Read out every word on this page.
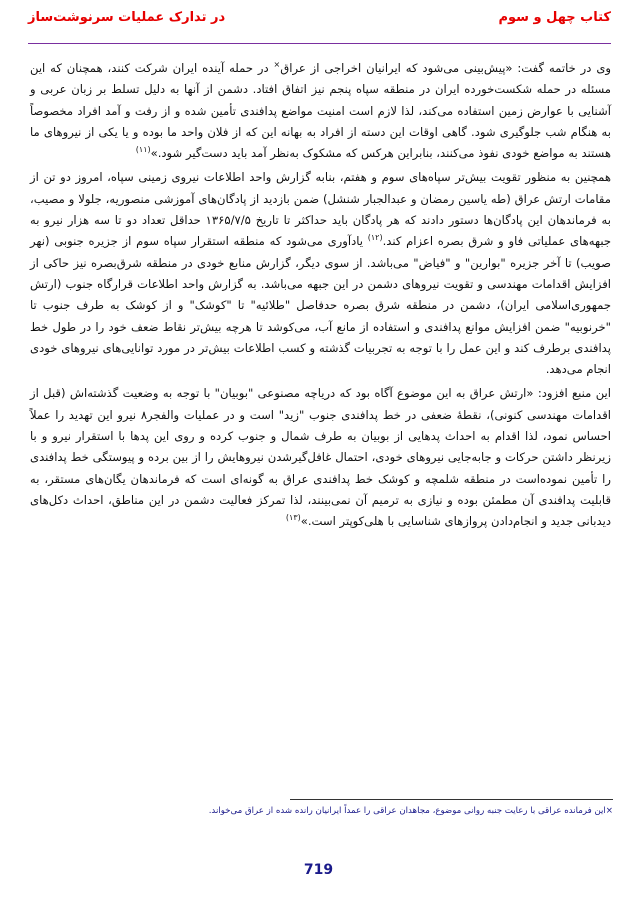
کتاب چهل و سوم
در تدارک عملیات سرنوشت‌ساز

وی در خاتمه گفت: «پیش‌بینی می‌شود که ایرانیان اخراجی از عراق× در حمله آینده ایران شرکت کنند، همچنان که این مسئله در حمله شکست‌خورده ایران در منطقه سپاه پنجم نیز اتفاق افتاد. دشمن از آنها به دلیل تسلط بر زبان عربی و آشنایی با عوارض زمین استفاده می‌کند، لذا لازم است امنیت مواضع پدافندی تأمین شده و از رفت و آمد افراد مخصوصاً به هنگام شب جلوگیری شود. گاهی اوقات این دسته از افراد به بهانه این که از فلان واحد ما بوده و یا یکی از نیروهای ما هستند به مواضع خودی نفوذ می‌کنند، بنابراین هرکس که مشکوک به‌نظر آمد باید دست‌گیر شود.»$^{(۱۱)}$

همچنین به منظور تقویت بیش‌تر سپاه‌های سوم و هفتم، بنابه گزارش واحد اطلاعات نیروی زمینی سپاه، امروز دو تن از مقامات ارتش عراق (طه یاسین رمضان و عبدالجبار شنشل) ضمن بازدید از پادگان‌های آموزشی منصوریه، جلولا و مصیب، به فرماندهان این پادگان‌ها دستور دادند که هر پادگان باید حداکثر تا تاریخ ۱۳۶۵/۷/۵ حداقل تعداد دو تا سه هزار نیرو به جبهه‌های عملیاتی فاو و شرق بصره اعزام کند.$^{(۱۲)}$ یادآوری می‌شود که منطقه استقرار سپاه سوم از جزیره جنوبی (نهر صویب) تا آخر جزیره "بوارین" و "فیاض" می‌باشد. از سوی دیگر، گزارش منابع خودی در منطقه شرق‌بصره نیز حاکی از افزایش اقدامات مهندسی و تقویت نیروهای دشمن در این جبهه می‌باشد. به گزارش واحد اطلاعات قرارگاه جنوب (ارتش جمهوری‌اسلامی ایران)، دشمن در منطقه شرق بصره حدفاصل "طلائیه" تا "کوشک" و از کوشک به طرف جنوب تا "خرنوبیه" ضمن افزایش موانع پدافندی و استفاده از مانع آب، می‌کوشد تا هرچه بیش‌تر نقاط ضعف خود را در طول خط پدافندی برطرف کند و این عمل را با توجه به تجربیات گذشته و کسب اطلاعات بیش‌تر در مورد توانایی‌های نیروهای خودی انجام می‌دهد.

این منبع افزود: «ارتش عراق به این موضوع آگاه بود که دریاچه مصنوعی "بوبیان" با توجه به وضعیت گذشته‌اش (قبل از اقدامات مهندسی کنونی)، نقطهٔ ضعفی در خط پدافندی جنوب "زید" است و در عملیات والفجر۸ نیرو این تهدید را عملاً احساس نمود، لذا اقدام به احداث پدهایی از بوبیان به طرف شمال و جنوب کرده و روی این پدها با استقرار نیرو و با زیرنظر داشتن حرکات و جابه‌جایی نیروهای خودی، احتمال غافل‌گیرشدن نیروهایش را از بین برده و پیوستگی خط پدافندی را تأمین نموده‌است در منطقه شلمچه و کوشک خط پدافندی عراق به گونه‌ای است که فرماندهان یگان‌های مستقر، به قابلیت پدافندی آن مطمئن بوده و نیازی به ترمیم آن نمی‌بینند، لذا تمرکز فعالیت دشمن در این مناطق، احداث دکل‌های دیدبانی جدید و انجام‌دادن پروازهای شناسایی با هلی‌کوپتر است.»$^{(۱۳)}$

×این فرمانده عراقی با رعایت جنبه روانی موضوع، مجاهدان عراقی را عمداً ایرانیان رانده شده از عراق می‌خواند.
719
